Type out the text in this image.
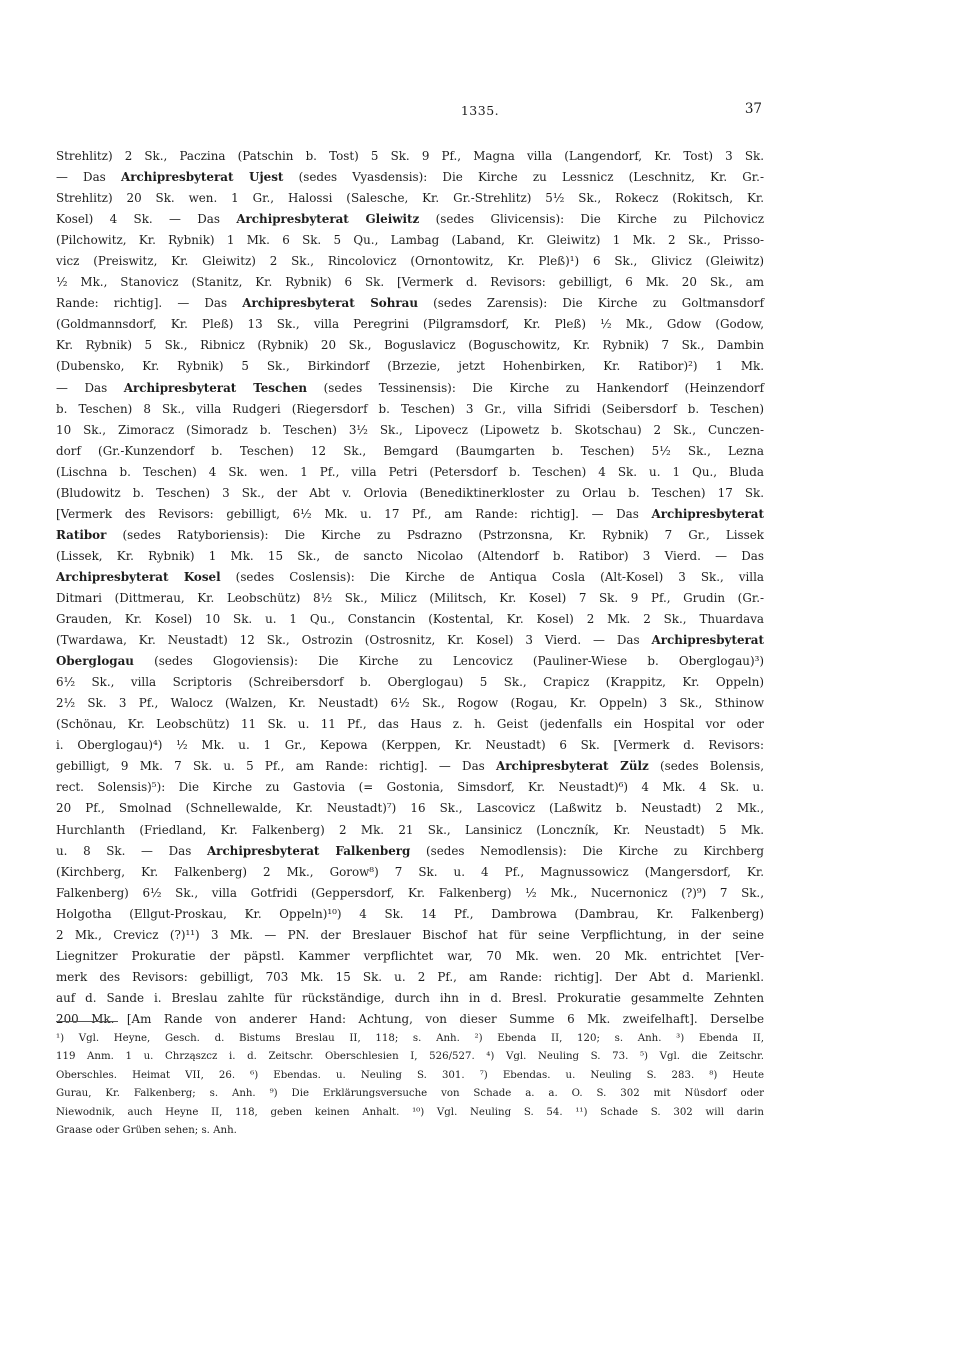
1335.	37
Strehlitz) 2 Sk., Paczina (Patschin b. Tost) 5 Sk. 9 Pf., Magna villa (Langendorf, Kr. Tost) 3 Sk.
— Das Archipresbyterat Ujest (sedes Vyasdensis): Die Kirche zu Lessnicz (Leschnitz, Kr. Gr.-
Strehlitz) 20 Sk. wen. 1 Gr., Halossi (Salesche, Kr. Gr.-Strehlitz) 5½ Sk., Rokecz (Rokitsch, Kr.
Kosel) 4 Sk. — Das Archipresbyterat Gleiwitz (sedes Glivicensis): Die Kirche zu Pilchovicz
(Pilchowitz, Kr. Rybnik) 1 Mk. 6 Sk. 5 Qu., Lambag (Laband, Kr. Gleiwitz) 1 Mk. 2 Sk., Prisso-
vicz (Preiswitz, Kr. Gleiwitz) 2 Sk., Rincolovicz (Ornontowitz, Kr. Pleß)¹) 6 Sk., Glivicz (Gleiwitz)
½ Mk., Stanovicz (Stanitz, Kr. Rybnik) 6 Sk. [Vermerk d. Revisors: gebilligt, 6 Mk. 20 Sk., am
Rande: richtig]. — Das Archipresbyterat Sohrau (sedes Zarensis): Die Kirche zu Goltmansdorf
(Goldmannsdorf, Kr. Pleß) 13 Sk., villa Peregrini (Pilgramsdorf, Kr. Pleß) ½ Mk., Gdow (Godow,
Kr. Rybnik) 5 Sk., Ribnicz (Rybnik) 20 Sk., Boguslavicz (Boguschowitz, Kr. Rybnik) 7 Sk., Dambin
(Dubensko, Kr. Rybnik) 5 Sk., Birkindorf (Brzezie, jetzt Hohenbirken, Kr. Ratibor)²) 1 Mk.
— Das Archipresbyterat Teschen (sedes Tessinensis): Die Kirche zu Hankendorf (Heinzendorf
b. Teschen) 8 Sk., villa Rudgeri (Riegersdorf b. Teschen) 3 Gr., villa Sifridi (Seibersdorf b. Teschen)
10 Sk., Zimoracz (Simoradz b. Teschen) 3½ Sk., Lipovecz (Lipowetz b. Skotschau) 2 Sk., Cunczen-
dorf (Gr.-Kunzendorf b. Teschen) 12 Sk., Bemgard (Baumgarten b. Teschen) 5½ Sk., Lezna
(Lischna b. Teschen) 4 Sk. wen. 1 Pf., villa Petri (Petersdorf b. Teschen) 4 Sk. u. 1 Qu., Bluda
(Bludowitz b. Teschen) 3 Sk., der Abt v. Orlovia (Benediktinerkloster zu Orlau b. Teschen) 17 Sk.
[Vermerk des Revisors: gebilligt, 6½ Mk. u. 17 Pf., am Rande: richtig]. — Das Archipresbyterat
Ratibor (sedes Ratyboriensis): Die Kirche zu Psdrazno (Pstrzonsna, Kr. Rybnik) 7 Gr., Lissek
(Lissek, Kr. Rybnik) 1 Mk. 15 Sk., de sancto Nicolao (Altendorf b. Ratibor) 3 Vierd. — Das
Archipresbyterat Kosel (sedes Coslensis): Die Kirche de Antiqua Cosla (Alt-Kosel) 3 Sk., villa
Ditmari (Dittmerau, Kr. Leobschütz) 8½ Sk., Milicz (Militsch, Kr. Kosel) 7 Sk. 9 Pf., Grudin (Gr.-
Grauden, Kr. Kosel) 10 Sk. u. 1 Qu., Constancin (Kostental, Kr. Kosel) 2 Mk. 2 Sk., Thuardava
(Twardawa, Kr. Neustadt) 12 Sk., Ostrozin (Ostrosnitz, Kr. Kosel) 3 Vierd. — Das Archipresbyterat
Oberglogau (sedes Glogoviensis): Die Kirche zu Lencovicz (Pauliner-Wiese b. Oberglogau)³)
6½ Sk., villa Scriptoris (Schreibersdorf b. Oberglogau) 5 Sk., Crapicz (Krappitz, Kr. Oppeln)
2½ Sk. 3 Pf., Walocz (Walzen, Kr. Neustadt) 6½ Sk., Rogow (Rogau, Kr. Oppeln) 3 Sk., Sthinow
(Schönau, Kr. Leobschütz) 11 Sk. u. 11 Pf., das Haus z. h. Geist (jedenfalls ein Hospital vor oder
i. Oberglogau)⁴) ½ Mk. u. 1 Gr., Kepowa (Kerppen, Kr. Neustadt) 6 Sk. [Vermerk d. Revisors:
gebilligt, 9 Mk. 7 Sk. u. 5 Pf., am Rande: richtig]. — Das Archipresbyterat Zülz (sedes Bolensis,
rect. Solensis)⁵): Die Kirche zu Gastovia (= Gostonia, Simsdorf, Kr. Neustadt)⁶) 4 Mk. 4 Sk. u.
20 Pf., Smolnad (Schnellewalde, Kr. Neustadt)⁷) 16 Sk., Lascovicz (Laßwitz b. Neustadt) 2 Mk.,
Hurchlanth (Friedland, Kr. Falkenberg) 2 Mk. 21 Sk., Lansinicz (Lonczník, Kr. Neustadt) 5 Mk.
u. 8 Sk. — Das Archipresbyterat Falkenberg (sedes Nemodlensis): Die Kirche zu Kirchberg
(Kirchberg, Kr. Falkenberg) 2 Mk., Gorow⁸) 7 Sk. u. 4 Pf., Magnussowicz (Mangersdorf, Kr.
Falkenberg) 6½ Sk., villa Gotfridi (Geppersdorf, Kr. Falkenberg) ½ Mk., Nucernonicz (?)⁹) 7 Sk.,
Holgotha (Ellgut-Proskau, Kr. Oppeln)¹⁰) 4 Sk. 14 Pf., Dambrowa (Dambrau, Kr. Falkenberg)
2 Mk., Crevicz (?)¹¹) 3 Mk. — PN. der Breslauer Bischof hat für seine Verpflichtung, in der seine
Liegnitzer Prokuratie der päpstl. Kammer verpflichtet war, 70 Mk. wen. 20 Mk. entrichtet [Ver-
merk des Revisors: gebilligt, 703 Mk. 15 Sk. u. 2 Pf., am Rande: richtig]. Der Abt d. Marienkl.
auf d. Sande i. Breslau zahlte für rückständige, durch ihn in d. Bresl. Prokuratie gesammelte Zehnten
200 Mk. [Am Rande von anderer Hand: Achtung, von dieser Summe 6 Mk. zweifelhaft]. Derselbe
¹) Vgl. Heyne, Gesch. d. Bistums Breslau II, 118; s. Anh. ²) Ebenda II, 120; s. Anh. ³) Ebenda II,
119 Anm. 1 u. Chrząszcz i. d. Zeitschr. Oberschlesien I, 526/527. ⁴) Vgl. Neuling S. 73. ⁵) Vgl. die Zeitschr.
Oberschles. Heimat VII, 26. ⁶) Ebendas. u. Neuling S. 301. ⁷) Ebendas. u. Neuling S. 283. ⁸) Heute
Gurau, Kr. Falkenberg; s. Anh. ⁹) Die Erklärungsversuche von Schade a. a. O. S. 302 mit Nüsdorf oder
Niewodnik, auch Heyne II, 118, geben keinen Anhalt. ¹⁰) Vgl. Neuling S. 54. ¹¹) Schade S. 302 will darin
Graase oder Grüben sehen; s. Anh.
